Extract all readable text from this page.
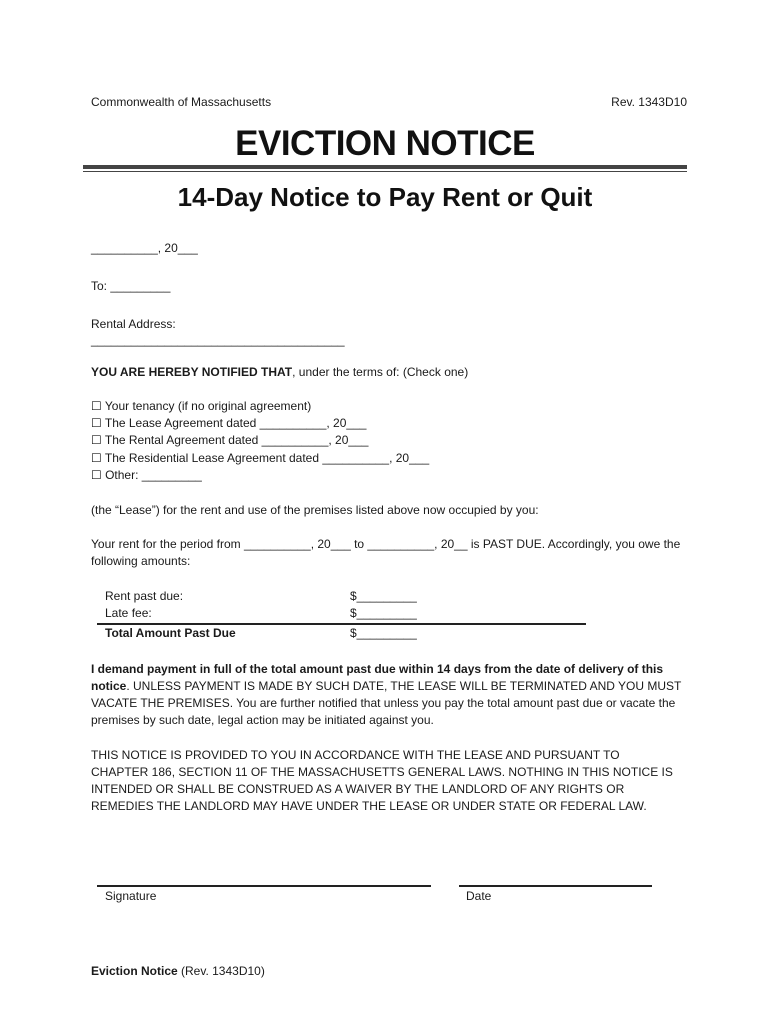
Commonwealth of Massachusetts	Rev. 1343D10
EVICTION NOTICE
14-Day Notice to Pay Rent or Quit
__________, 20___
To: _________
Rental Address:
______________________________________
YOU ARE HEREBY NOTIFIED THAT, under the terms of: (Check one)
☐ Your tenancy (if no original agreement)
☐ The Lease Agreement dated __________, 20___
☐ The Rental Agreement dated __________, 20___
☐ The Residential Lease Agreement dated __________, 20___
☐ Other: _________
(the “Lease”) for the rent and use of the premises listed above now occupied by you:
Your rent for the period from __________, 20___ to __________, 20__ is PAST DUE. Accordingly, you owe the following amounts:
Rent past due:	$_________
Late fee:	$_________
Total Amount Past Due	$_________
I demand payment in full of the total amount past due within 14 days from the date of delivery of this notice. UNLESS PAYMENT IS MADE BY SUCH DATE, THE LEASE WILL BE TERMINATED AND YOU MUST VACATE THE PREMISES. You are further notified that unless you pay the total amount past due or vacate the premises by such date, legal action may be initiated against you.
THIS NOTICE IS PROVIDED TO YOU IN ACCORDANCE WITH THE LEASE AND PURSUANT TO CHAPTER 186, SECTION 11 OF THE MASSACHUSETTS GENERAL LAWS. NOTHING IN THIS NOTICE IS INTENDED OR SHALL BE CONSTRUED AS A WAIVER BY THE LANDLORD OF ANY RIGHTS OR REMEDIES THE LANDLORD MAY HAVE UNDER THE LEASE OR UNDER STATE OR FEDERAL LAW.
Signature	Date
Eviction Notice (Rev. 1343D10)
